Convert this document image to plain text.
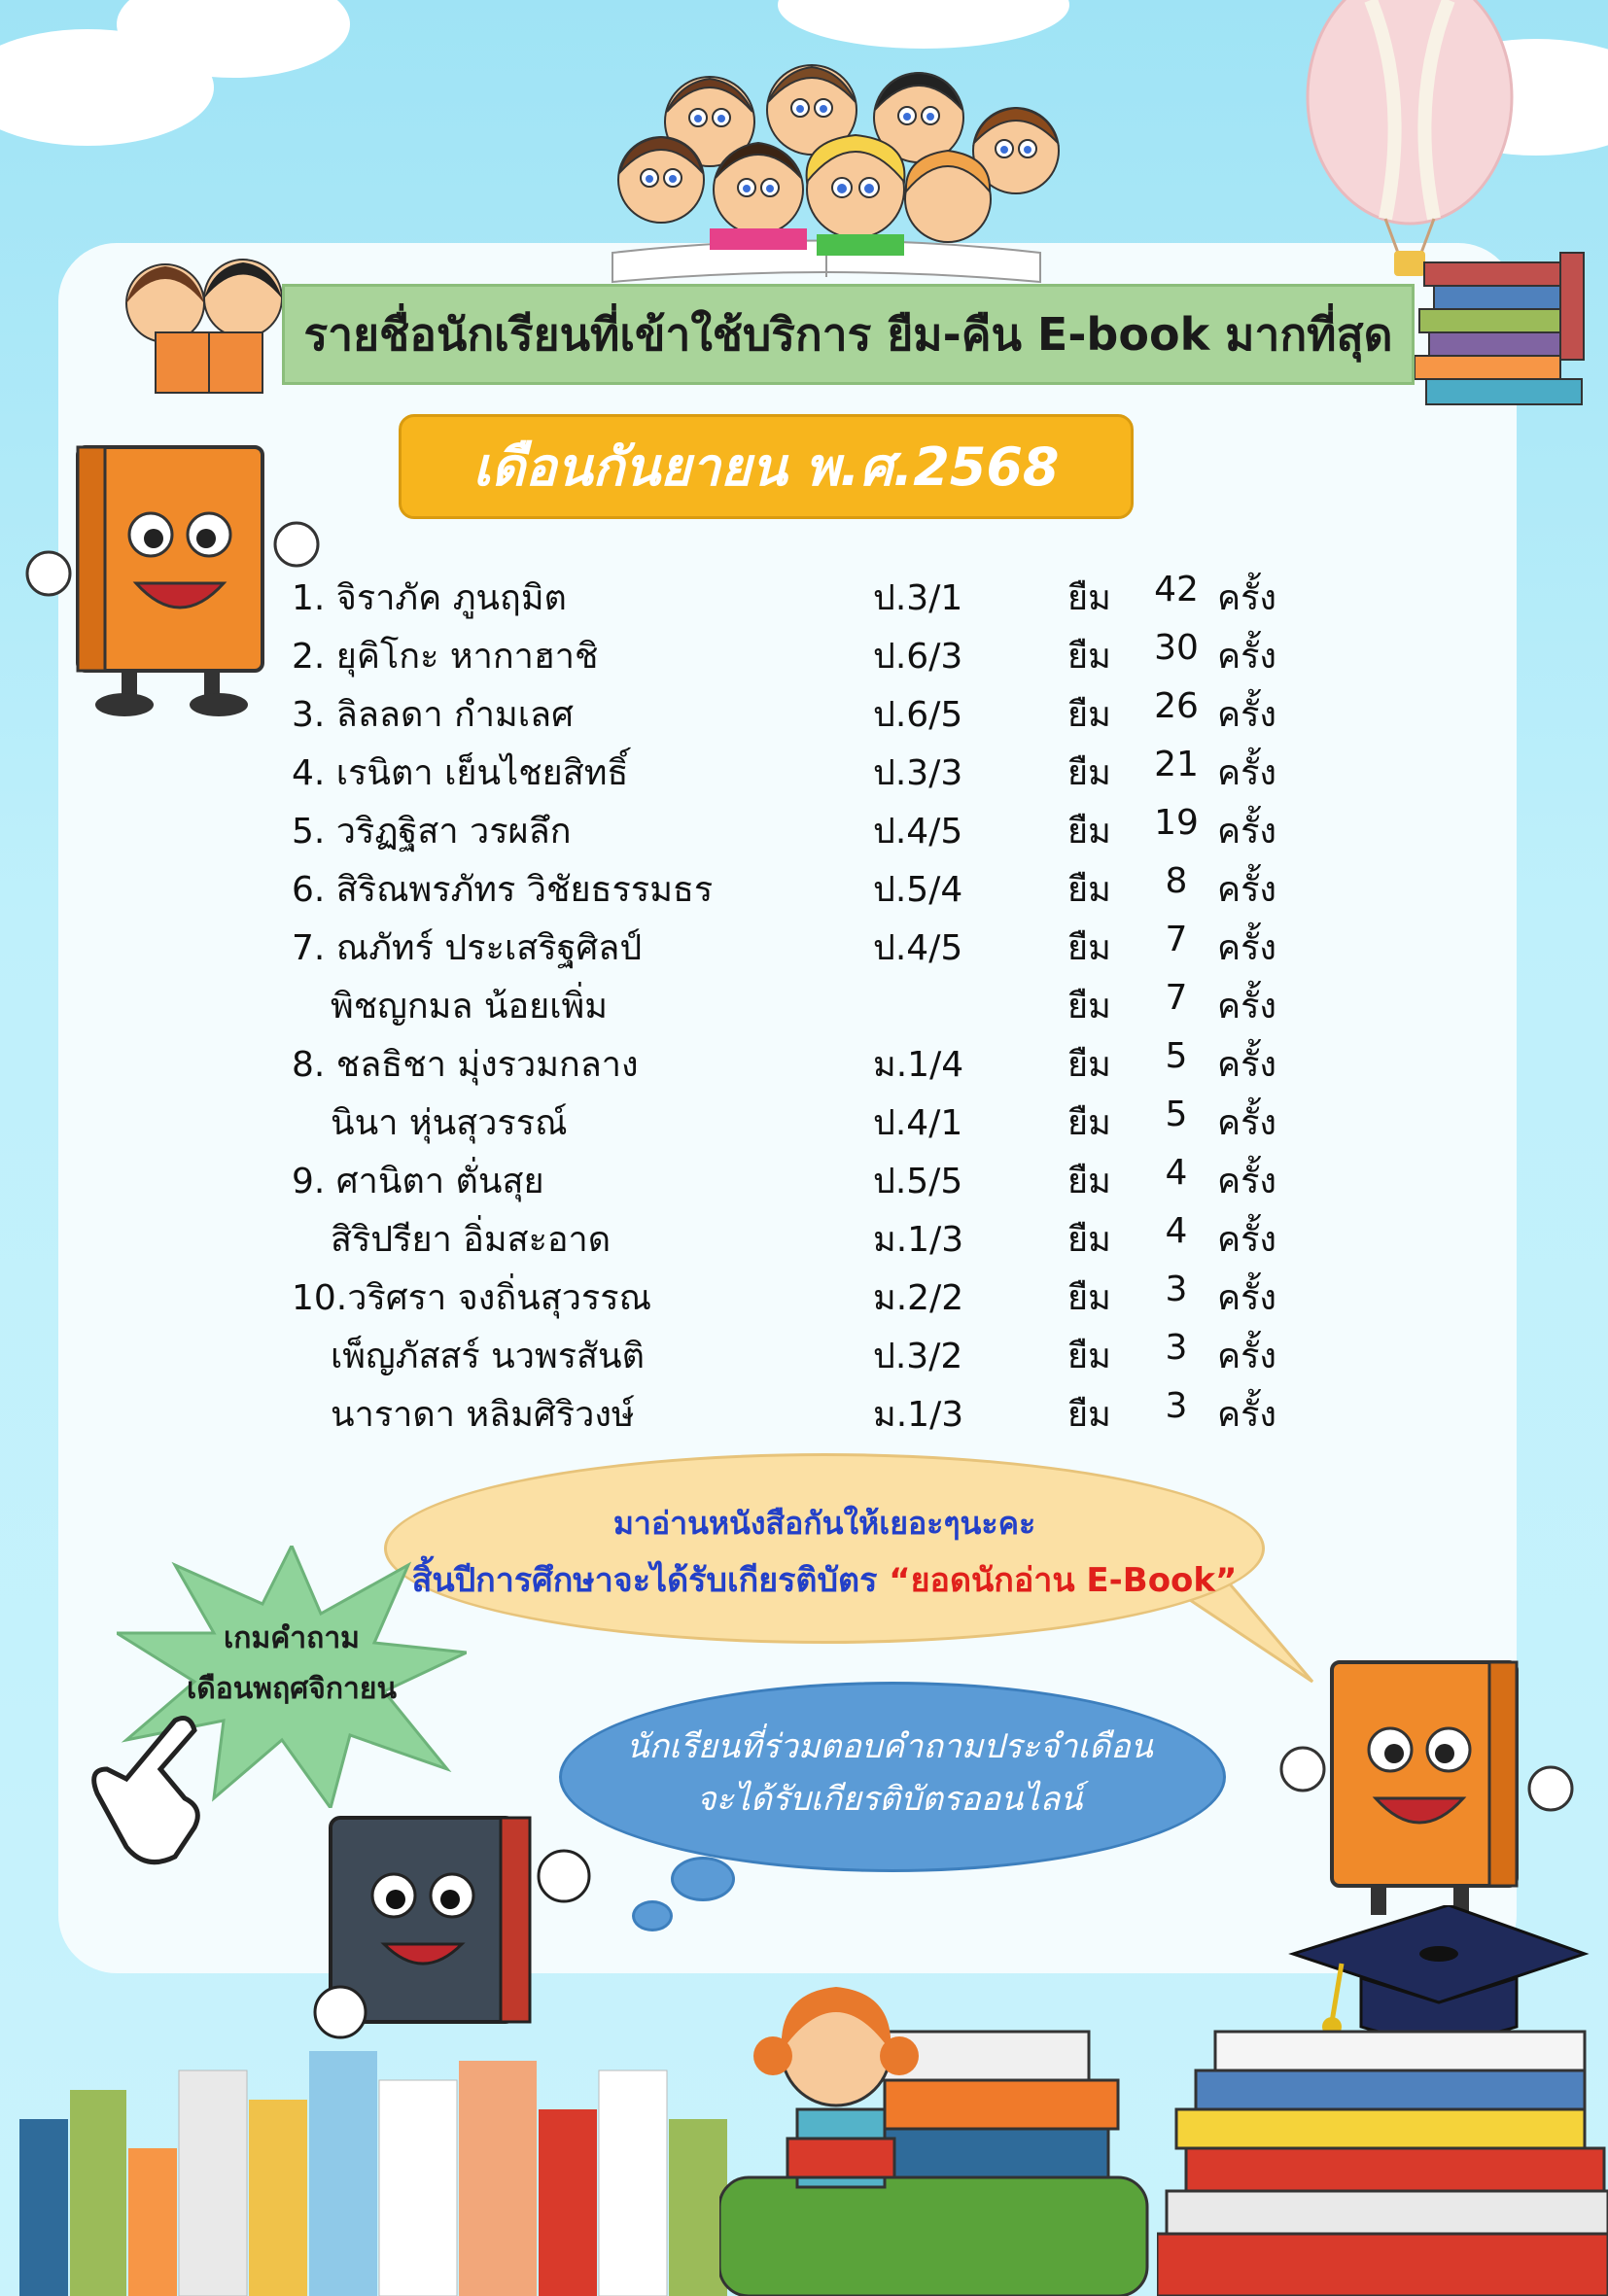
รายชื่อนักเรียนที่เข้าใช้บริการ ยืม-คืน E-book มากที่สุด
เดือนกันยายน พ.ศ.2568
1. จิราภัค ภูนฤมิต	ป.3/1	ยืม 42 ครั้ง
2. ยุคิโกะ หากาฮาชิ	ป.6/3	ยืม 30 ครั้ง
3. ลิลลดา กำมเลศ	ป.6/5	ยืม 26 ครั้ง
4. เรนิตา เย็นไชยสิทธิ์	ป.3/3	ยืม 21 ครั้ง
5. วริฏฐิสา วรผลึก	ป.4/5	ยืม 19 ครั้ง
6. สิริณพรภัทร วิชัยธรรมธร	ป.5/4	ยืม	8 ครั้ง
7. ณภัทร์ ประเสริฐศิลป์	ป.4/5	ยืม	7 ครั้ง
พิชญกมล น้อยเพิ่ม	ยืม	7 ครั้ง
8. ชลธิชา มุ่งรวมกลาง	ม.1/4	ยืม	5 ครั้ง
นินา หุ่นสุวรรณ์	ป.4/1	ยืม	5 ครั้ง
9. ศานิตา ตั่นสุย	ป.5/5	ยืม	4 ครั้ง
สิริปรียา อิ่มสะอาด	ม.1/3	ยืม	4 ครั้ง
10.วริศรา จงถิ่นสุวรรณ	ม.2/2	ยืม	3 ครั้ง
เพ็ญภัสสร์ นวพรสันติ	ป.3/2	ยืม	3 ครั้ง
นาราดา หลิมศิริวงษ์	ม.1/3	ยืม	3 ครั้ง
มาอ่านหนังสือกันให้เยอะๆนะคะ
สิ้นปีการศึกษาจะได้รับเกียรติบัตร “ยอดนักอ่าน E-Book”
เกมคำถาม
เดือนพฤศจิกายน
นักเรียนที่ร่วมตอบคำถามประจำเดือน
จะได้รับเกียรติบัตรออนไลน์
